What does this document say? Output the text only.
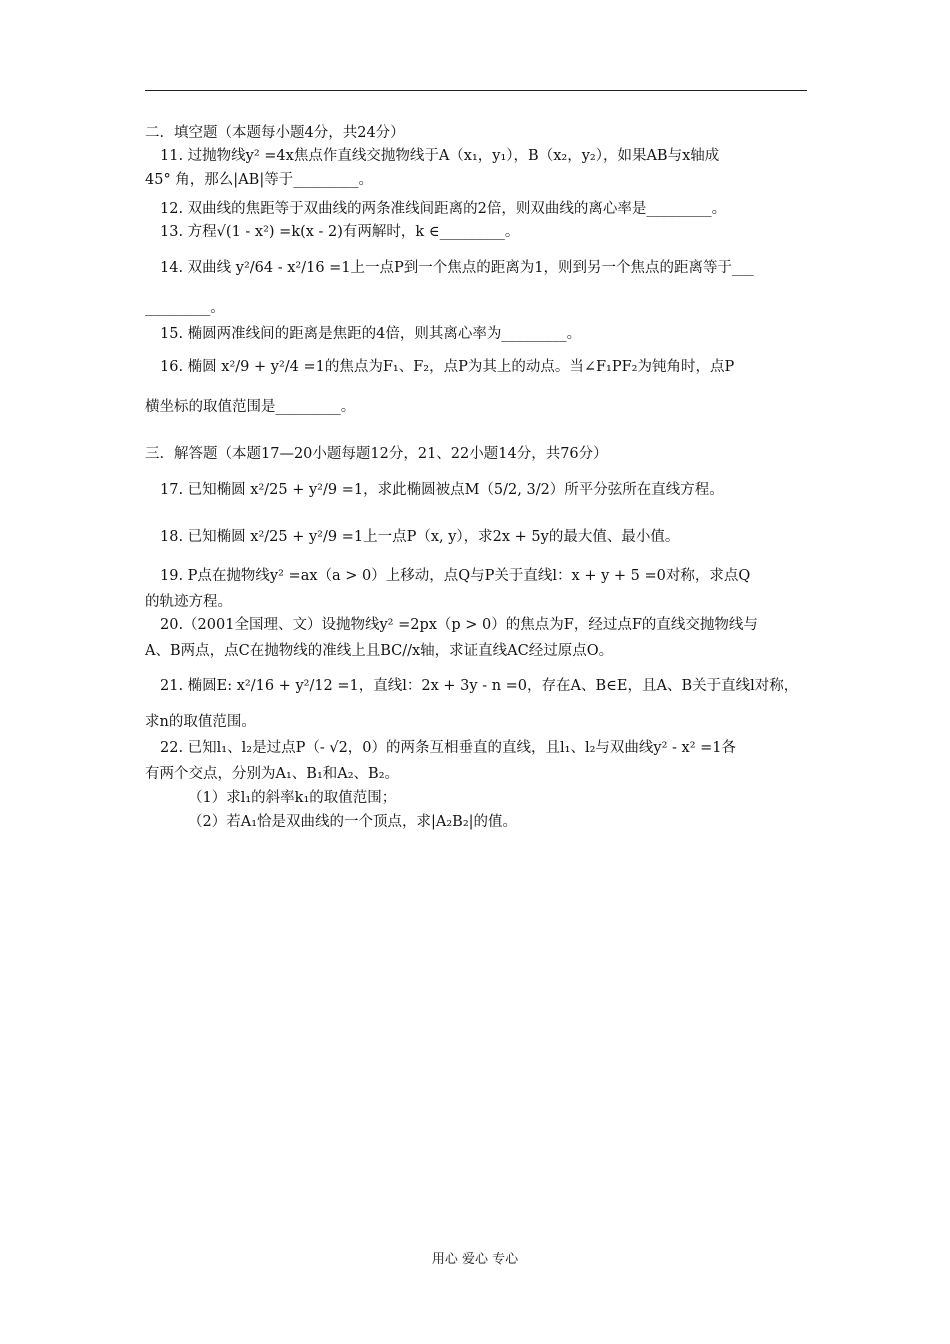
二．填空题（本题每小题4分，共24分）
11. 过抛物线y² =4x焦点作直线交抛物线于A（x₁，y₁），B（x₂，y₂），如果AB与x轴成
45° 角，那么|AB|等于_________。
12. 双曲线的焦距等于双曲线的两条准线间距离的2倍，则双曲线的离心率是_________。
13. 方程√(1 - x²) =k(x - 2)有两解时，k ∈_________。
14. 双曲线 y²/64 - x²/16 =1上一点P到一个焦点的距离为1，则到另一个焦点的距离等于___
_________。
15. 椭圆两准线间的距离是焦距的4倍，则其离心率为_________。
16. 椭圆 x²/9 + y²/4 =1的焦点为F₁、F₂，点P为其上的动点。当∠F₁PF₂为钝角时，点P
横坐标的取值范围是_________。
三．解答题（本题17—20小题每题12分，21、22小题14分，共76分）
17. 已知椭圆 x²/25 + y²/9 =1，求此椭圆被点M（5/2, 3/2）所平分弦所在直线方程。
18. 已知椭圆 x²/25 + y²/9 =1上一点P（x, y），求2x + 5y的最大值、最小值。
19. P点在抛物线y² =ax（a > 0）上移动，点Q与P关于直线l：x + y + 5 =0对称，求点Q
的轨迹方程。
20.（2001全国理、文）设抛物线y² =2px（p > 0）的焦点为F，经过点F的直线交抛物线与
A、B两点，点C在抛物线的准线上且BC//x轴，求证直线AC经过原点O。
21. 椭圆E: x²/16 + y²/12 =1，直线l：2x + 3y - n =0，存在A、B∈E，且A、B关于直线l对称，
求n的取值范围。
22. 已知l₁、l₂是过点P（- √2，0）的两条互相垂直的直线，且l₁、l₂与双曲线y² - x² =1各
有两个交点，分别为A₁、B₁和A₂、B₂。
（1）求l₁的斜率k₁的取值范围；
（2）若A₁恰是双曲线的一个顶点，求|A₂B₂|的值。
用心 爱心 专心
